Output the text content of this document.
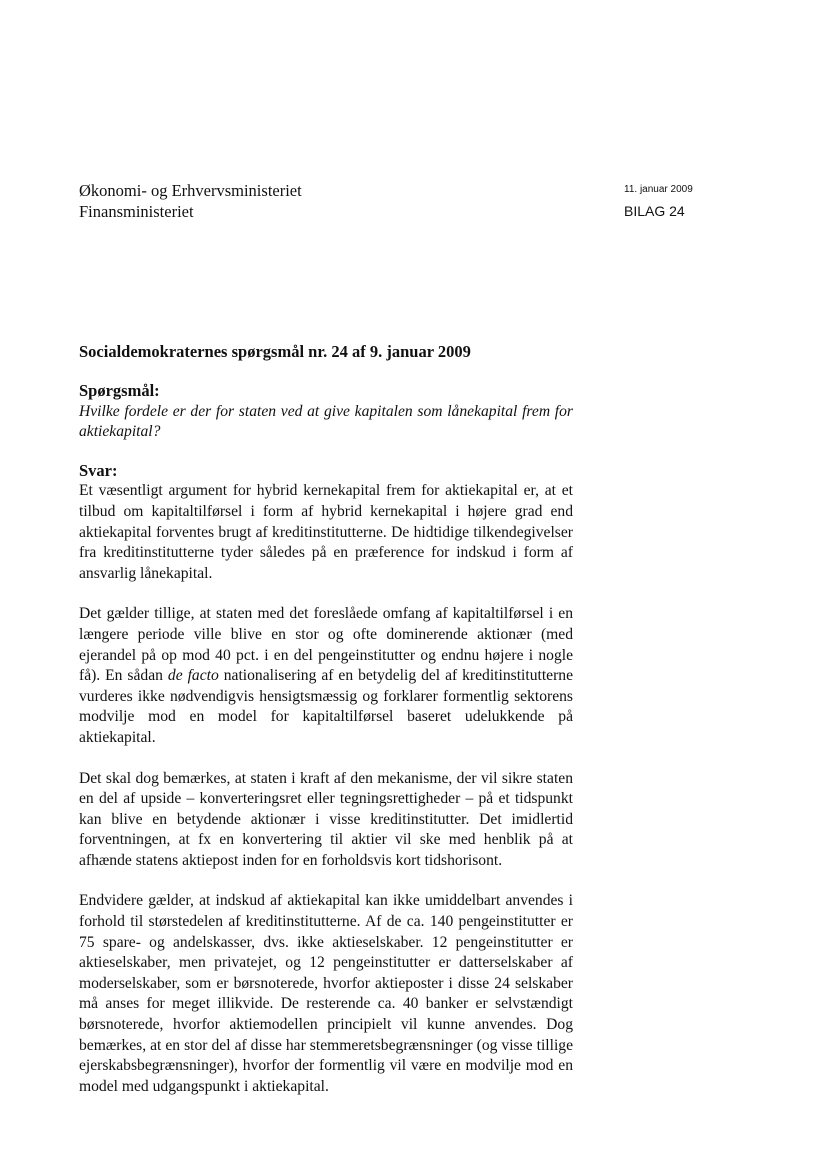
Økonomi- og Erhvervsministeriet
Finansministeriet
11. januar 2009
BILAG 24
Socialdemokraternes spørgsmål nr. 24 af 9. januar 2009
Spørgsmål:

Hvilke fordele er der for staten ved at give kapitalen som lånekapital frem for aktiekapital?

Svar:

Et væsentligt argument for hybrid kernekapital frem for aktiekapital er, at et tilbud om kapitaltilførsel i form af hybrid kernekapital i højere grad end aktiekapital forventes brugt af kreditinstitutterne. De hidtidige tilkendegivelser fra kreditinstitutterne tyder således på en præference for indskud i form af ansvarlig lånekapital.

Det gælder tillige, at staten med det foreslåede omfang af kapitaltilførsel i en længere periode ville blive en stor og ofte dominerende aktionær (med ejerandel på op mod 40 pct. i en del pengeinstitutter og endnu højere i nogle få). En sådan de facto nationalisering af en betydelig del af kreditinstitutterne vurderes ikke nødvendigvis hensigtsmæssig og forklarer formentlig sektorens modvilje mod en model for kapitaltilførsel baseret udelukkende på aktiekapital.

Det skal dog bemærkes, at staten i kraft af den mekanisme, der vil sikre staten en del af upside – konverteringsret eller tegningsrettigheder – på et tidspunkt kan blive en betydende aktionær i visse kreditinstitutter. Det imidlertid forventningen, at fx en konvertering til aktier vil ske med henblik på at afhænde statens aktiepost inden for en forholdsvis kort tidshorisont.

Endvidere gælder, at indskud af aktiekapital kan ikke umiddelbart anvendes i forhold til størstedelen af kreditinstitutterne. Af de ca. 140 pengeinstitutter er 75 spare- og andelskasser, dvs. ikke aktieselskaber. 12 pengeinstitutter er aktieselskaber, men privatejet, og 12 pengeinstitutter er datterselskaber af moderselskaber, som er børsnoterede, hvorfor aktieposter i disse 24 selskaber må anses for meget illikvide. De resterende ca. 40 banker er selvstændigt børsnoterede, hvorfor aktiemodellen principielt vil kunne anvendes. Dog bemærkes, at en stor del af disse har stemmeretsbegrænsninger (og visse tillige ejerskabsbegrænsninger), hvorfor der formentlig vil være en modvilje mod en model med udgangspunkt i aktiekapital.
